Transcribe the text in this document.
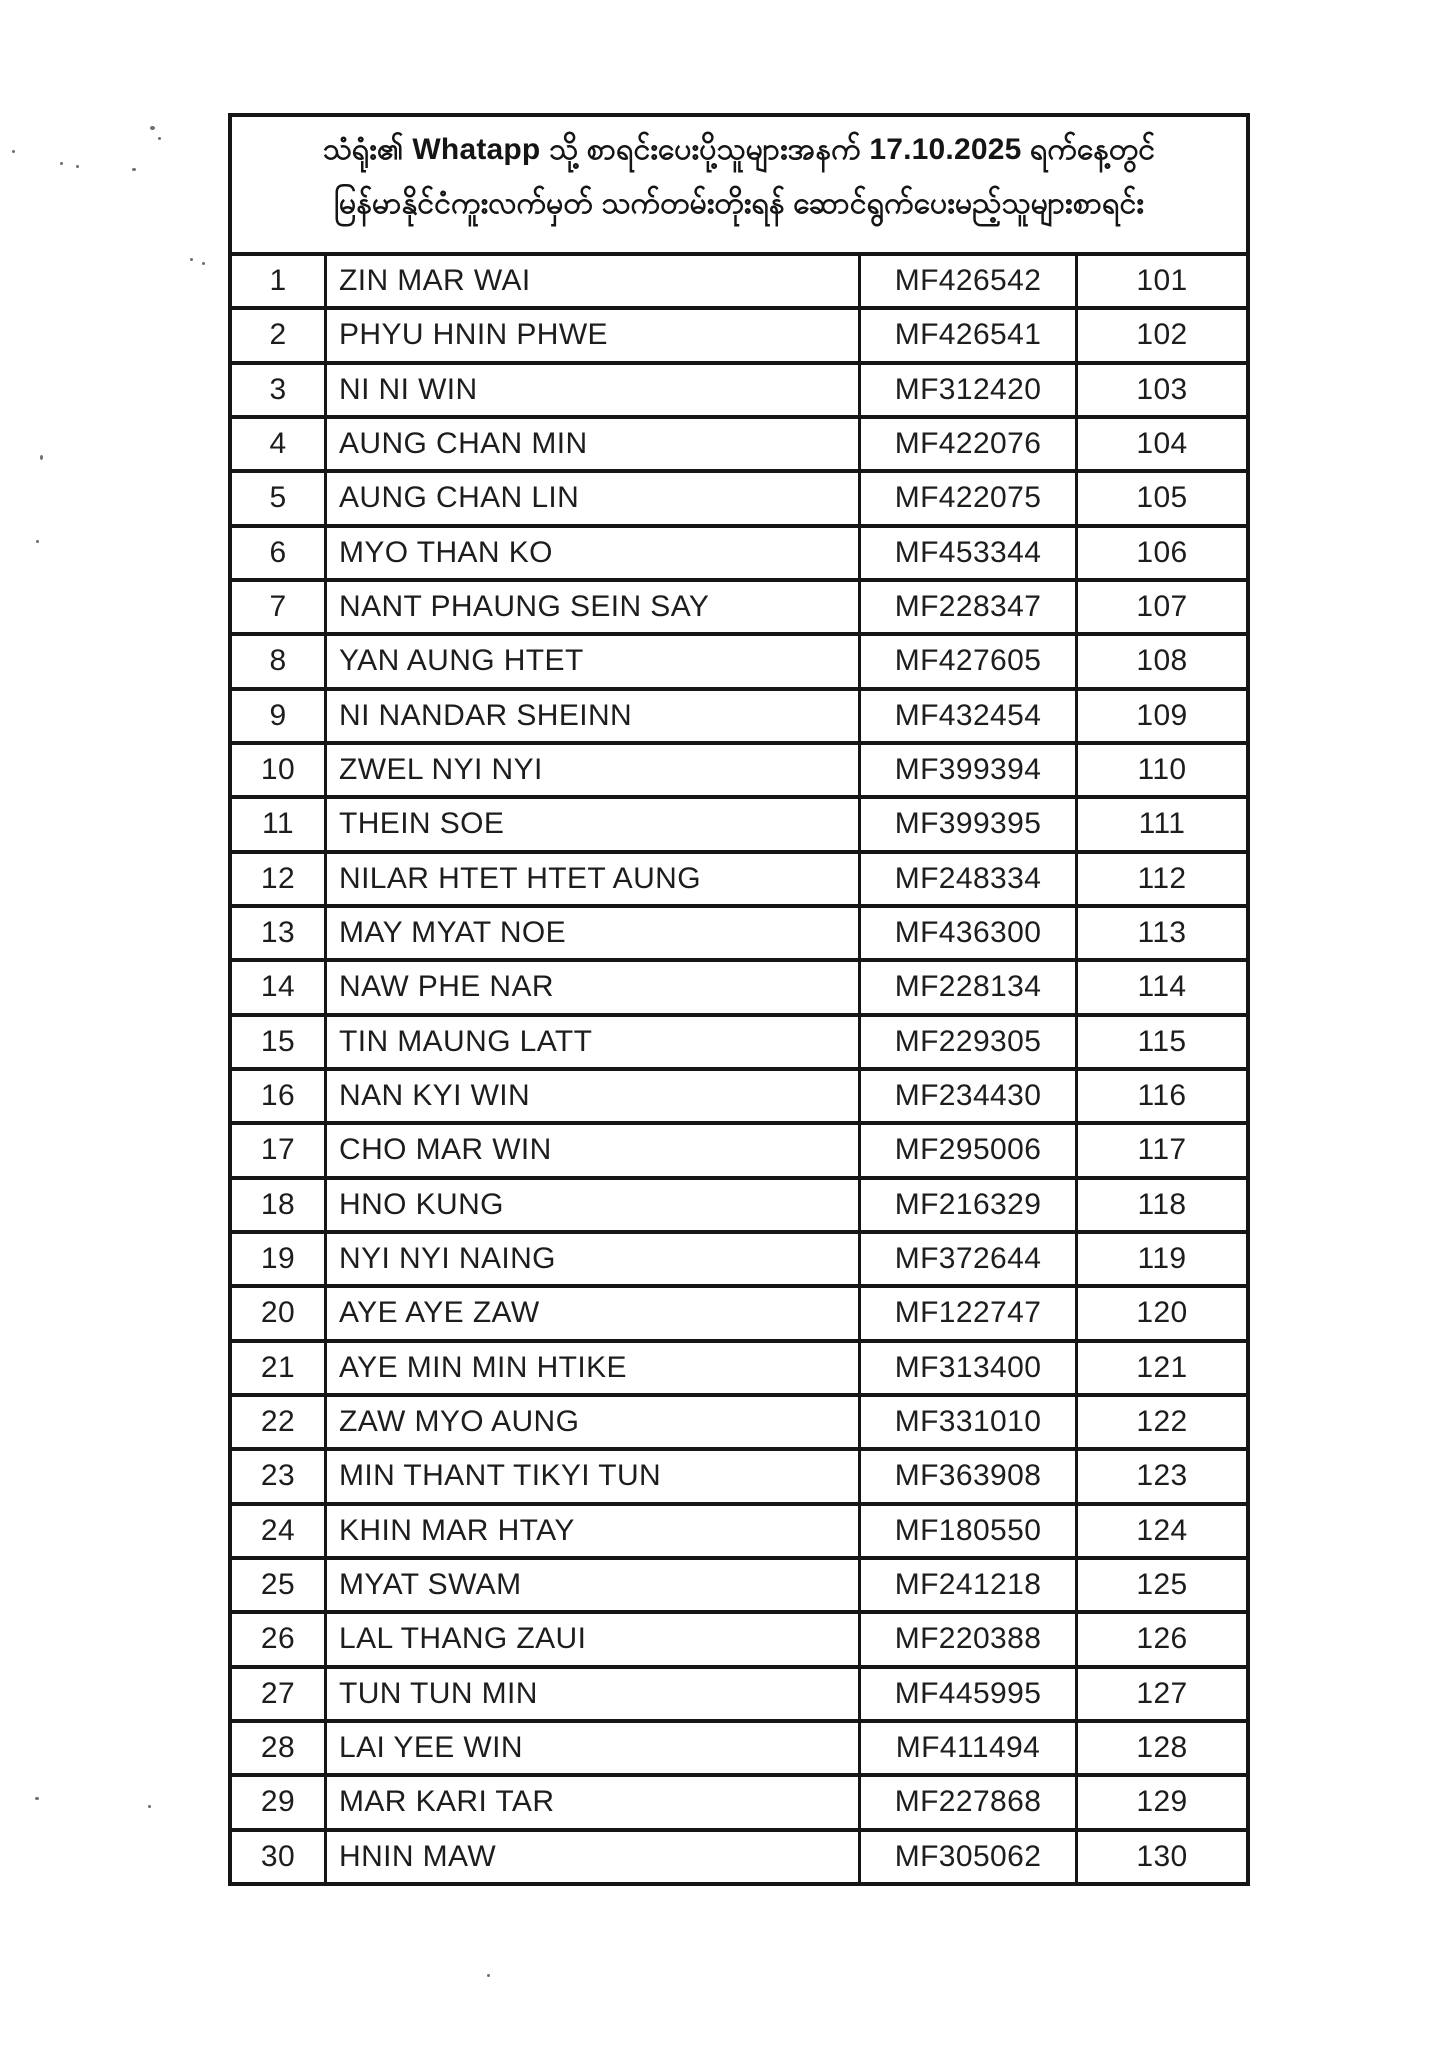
သံရုံး၏ Whatapp သို့ စာရင်းပေးပို့သူများအနက် 17.10.2025 ရက်နေ့တွင်
မြန်မာနိုင်ငံကူးလက်မှတ် သက်တမ်းတိုးရန် ဆောင်ရွက်ပေးမည့်သူများစာရင်း
1	ZIN MAR WAI	MF426542	101
2	PHYU HNIN PHWE	MF426541	102
3	NI NI WIN	MF312420	103
4	AUNG CHAN MIN	MF422076	104
5	AUNG CHAN LIN	MF422075	105
6	MYO THAN KO	MF453344	106
7	NANT PHAUNG SEIN SAY	MF228347	107
8	YAN AUNG HTET	MF427605	108
9	NI NANDAR SHEINN	MF432454	109
10	ZWEL NYI NYI	MF399394	110
11	THEIN SOE	MF399395	111
12	NILAR HTET HTET AUNG	MF248334	112
13	MAY MYAT NOE	MF436300	113
14	NAW PHE NAR	MF228134	114
15	TIN MAUNG LATT	MF229305	115
16	NAN KYI WIN	MF234430	116
17	CHO MAR WIN	MF295006	117
18	HNO KUNG	MF216329	118
19	NYI NYI NAING	MF372644	119
20	AYE AYE ZAW	MF122747	120
21	AYE MIN MIN HTIKE	MF313400	121
22	ZAW MYO AUNG	MF331010	122
23	MIN THANT TIKYI TUN	MF363908	123
24	KHIN MAR HTAY	MF180550	124
25	MYAT SWAM	MF241218	125
26	LAL THANG ZAUI	MF220388	126
27	TUN TUN MIN	MF445995	127
28	LAI YEE WIN	MF411494	128
29	MAR KARI TAR	MF227868	129
30	HNIN MAW	MF305062	130
